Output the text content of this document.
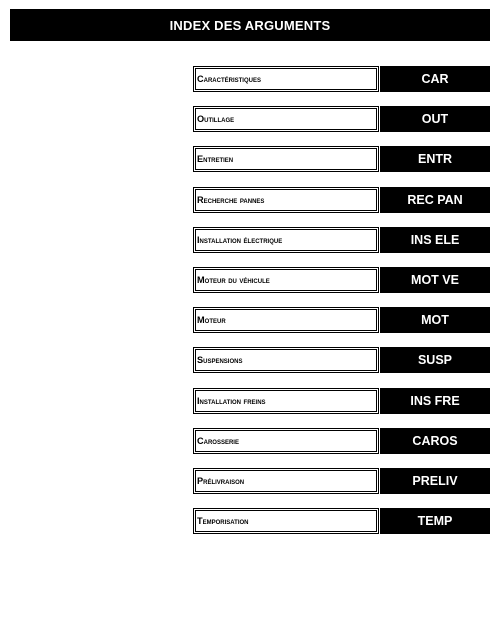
INDEX DES ARGUMENTS
Caractéristiques	CAR
Outillage	OUT
Entretien	ENTR
Recherche pannes	REC PAN
Installation électrique	INS ELE
Moteur du véhicule	MOT VE
Moteur	MOT
Suspensions	SUSP
Installation freins	INS FRE
Carosserie	CAROS
Prélivraison	PRELIV
Temporisation	TEMP
